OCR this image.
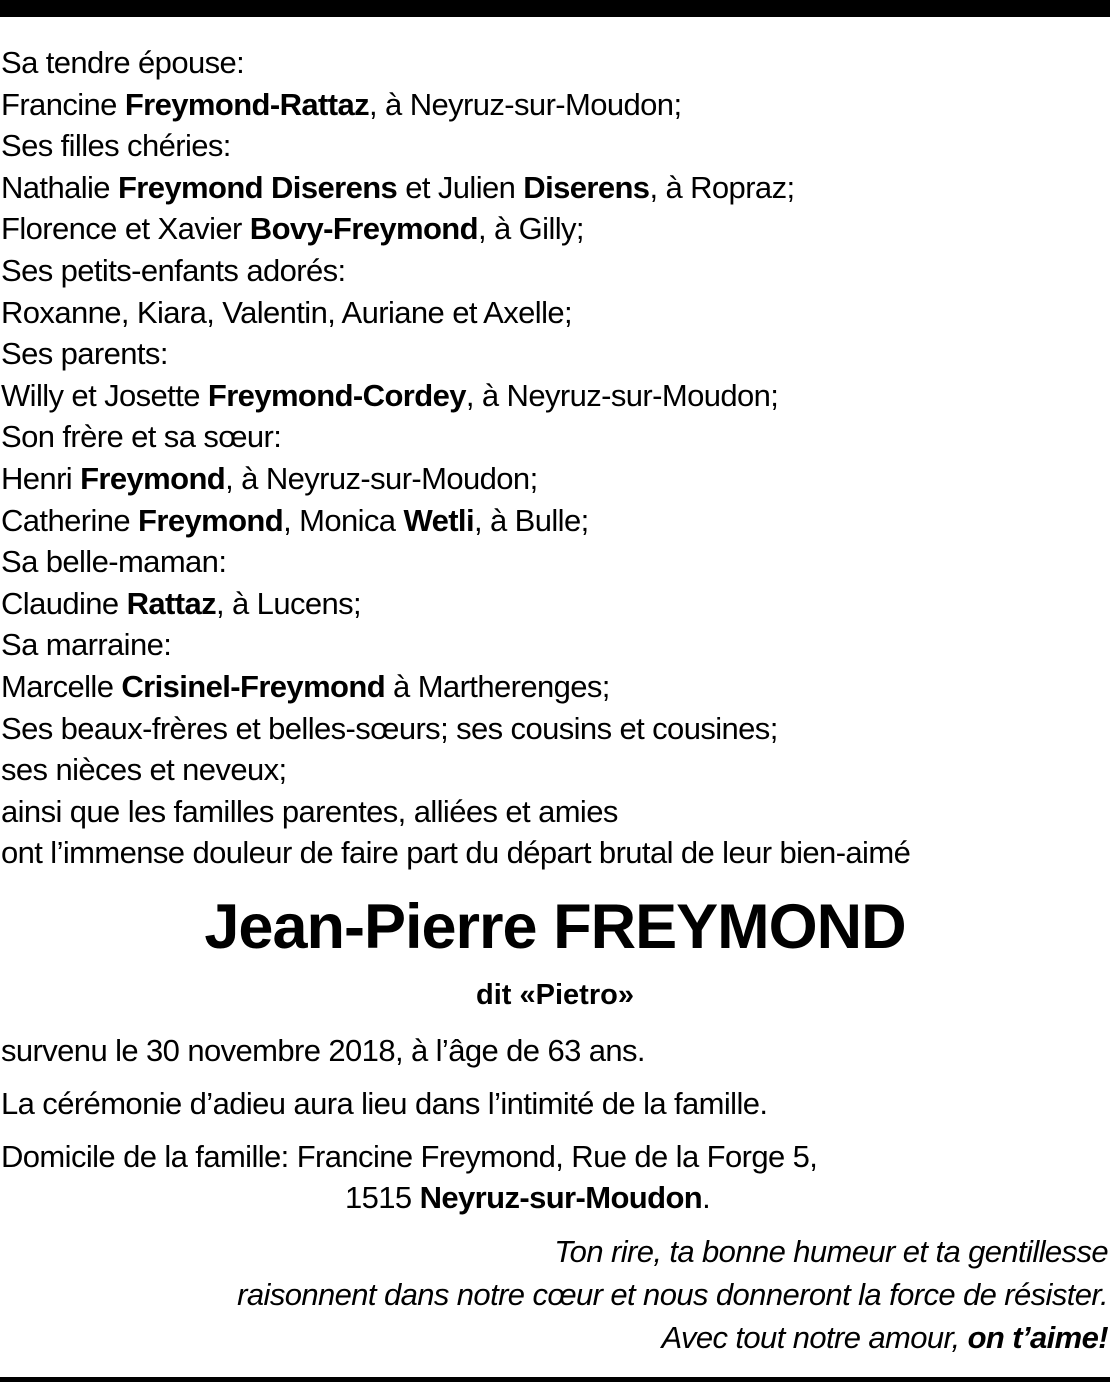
Sa tendre épouse:
Francine Freymond-Rattaz, à Neyruz-sur-Moudon;
Ses filles chéries:
Nathalie Freymond Diserens et Julien Diserens, à Ropraz;
Florence et Xavier Bovy-Freymond, à Gilly;
Ses petits-enfants adorés:
Roxanne, Kiara, Valentin, Auriane et Axelle;
Ses parents:
Willy et Josette Freymond-Cordey, à Neyruz-sur-Moudon;
Son frère et sa sœur:
Henri Freymond, à Neyruz-sur-Moudon;
Catherine Freymond, Monica Wetli, à Bulle;
Sa belle-maman:
Claudine Rattaz, à Lucens;
Sa marraine:
Marcelle Crisinel-Freymond à Martherenges;
Ses beaux-frères et belles-sœurs; ses cousins et cousines;
ses nièces et neveux;
ainsi que les familles parentes, alliées et amies
ont l’immense douleur de faire part du départ brutal de leur bien-aimé
Jean-Pierre FREYMOND
dit «Pietro»
survenu le 30 novembre 2018, à l’âge de 63 ans.
La cérémonie d’adieu aura lieu dans l’intimité de la famille.
Domicile de la famille: Francine Freymond, Rue de la Forge 5,
1515 Neyruz-sur-Moudon.
Ton rire, ta bonne humeur et ta gentillesse
raisonnent dans notre cœur et nous donneront la force de résister.
Avec tout notre amour, on t’aime!
